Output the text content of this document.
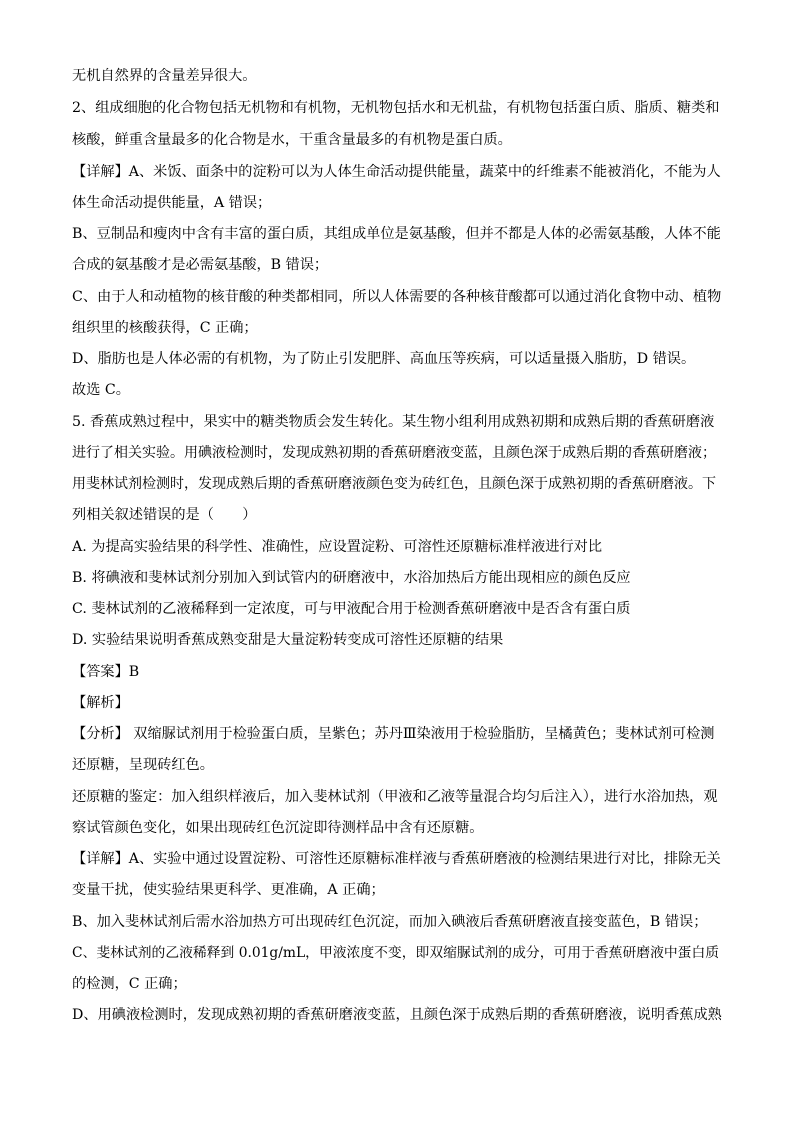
无机自然界的含量差异很大。
2、组成细胞的化合物包括无机物和有机物，无机物包括水和无机盐，有机物包括蛋白质、脂质、糖类和
核酸，鲜重含量最多的化合物是水，干重含量最多的有机物是蛋白质。
【详解】A、米饭、面条中的淀粉可以为人体生命活动提供能量，蔬菜中的纤维素不能被消化，不能为人
体生命活动提供能量，A 错误；
B、豆制品和瘦肉中含有丰富的蛋白质，其组成单位是氨基酸，但并不都是人体的必需氨基酸，人体不能
合成的氨基酸才是必需氨基酸，B 错误；
C、由于人和动植物的核苷酸的种类都相同，所以人体需要的各种核苷酸都可以通过消化食物中动、植物
组织里的核酸获得，C 正确；
D、脂肪也是人体必需的有机物，为了防止引发肥胖、高血压等疾病，可以适量摄入脂肪，D 错误。
故选 C。
5. 香蕉成熟过程中，果实中的糖类物质会发生转化。某生物小组利用成熟初期和成熟后期的香蕉研磨液
进行了相关实验。用碘液检测时，发现成熟初期的香蕉研磨液变蓝，且颜色深于成熟后期的香蕉研磨液；
用斐林试剂检测时，发现成熟后期的香蕉研磨液颜色变为砖红色，且颜色深于成熟初期的香蕉研磨液。下
列相关叙述错误的是（　　）
A. 为提高实验结果的科学性、准确性，应设置淀粉、可溶性还原糖标准样液进行对比
B. 将碘液和斐林试剂分别加入到试管内的研磨液中，水浴加热后方能出现相应的颜色反应
C. 斐林试剂的乙液稀释到一定浓度，可与甲液配合用于检测香蕉研磨液中是否含有蛋白质
D. 实验结果说明香蕉成熟变甜是大量淀粉转变成可溶性还原糖的结果
【答案】B
【解析】
【分析】 双缩脲试剂用于检验蛋白质，呈紫色；苏丹Ⅲ染液用于检验脂肪，呈橘黄色；斐林试剂可检测
还原糖，呈现砖红色。
还原糖的鉴定：加入组织样液后，加入斐林试剂（甲液和乙液等量混合均匀后注入），进行水浴加热，观
察试管颜色变化，如果出现砖红色沉淀即待测样品中含有还原糖。
【详解】A、实验中通过设置淀粉、可溶性还原糖标准样液与香蕉研磨液的检测结果进行对比，排除无关
变量干扰，使实验结果更科学、更准确，A 正确；
B、加入斐林试剂后需水浴加热方可出现砖红色沉淀，而加入碘液后香蕉研磨液直接变蓝色，B 错误；
C、斐林试剂的乙液稀释到 0.01g/mL，甲液浓度不变，即双缩脲试剂的成分，可用于香蕉研磨液中蛋白质
的检测，C 正确；
D、用碘液检测时，发现成熟初期的香蕉研磨液变蓝，且颜色深于成熟后期的香蕉研磨液，说明香蕉成熟
